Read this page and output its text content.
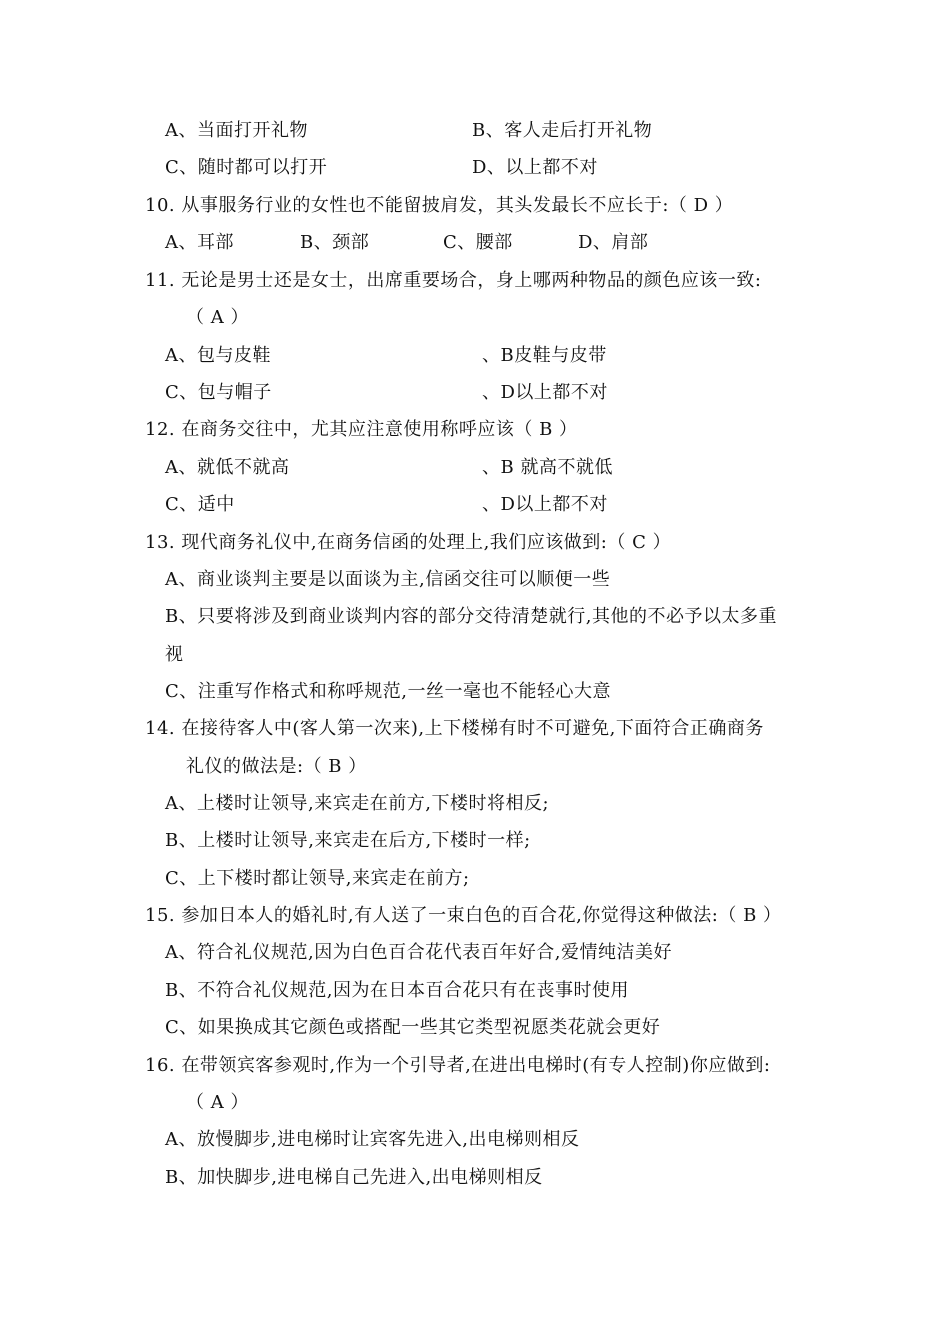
A、当面打开礼物	B、客人走后打开礼物
C、随时都可以打开	D、以上都不对
10. 从事服务行业的女性也不能留披肩发，其头发最长不应长于:（ D ）
A、耳部	B、颈部	C、腰部	D、肩部
11. 无论是男士还是女士，出席重要场合，身上哪两种物品的颜色应该一致:
（ A ）
A、包与皮鞋	、B皮鞋与皮带
C、包与帽子	、D以上都不对
12. 在商务交往中，尤其应注意使用称呼应该（ B ）
A、就低不就高	、B 就高不就低
C、适中	、D以上都不对
13. 现代商务礼仪中,在商务信函的处理上,我们应该做到:（ C ）
A、商业谈判主要是以面谈为主,信函交往可以顺便一些
B、只要将涉及到商业谈判内容的部分交待清楚就行,其他的不必予以太多重
视
C、注重写作格式和称呼规范,一丝一毫也不能轻心大意
14. 在接待客人中(客人第一次来),上下楼梯有时不可避免,下面符合正确商务
礼仪的做法是:（ B ）
A、上楼时让领导,来宾走在前方,下楼时将相反;
B、上楼时让领导,来宾走在后方,下楼时一样;
C、上下楼时都让领导,来宾走在前方;
15. 参加日本人的婚礼时,有人送了一束白色的百合花,你觉得这种做法:（ B ）
A、符合礼仪规范,因为白色百合花代表百年好合,爱情纯洁美好
B、不符合礼仪规范,因为在日本百合花只有在丧事时使用
C、如果换成其它颜色或搭配一些其它类型祝愿类花就会更好
16. 在带领宾客参观时,作为一个引导者,在进出电梯时(有专人控制)你应做到:
（ A ）
A、放慢脚步,进电梯时让宾客先进入,出电梯则相反
B、加快脚步,进电梯自己先进入,出电梯则相反
